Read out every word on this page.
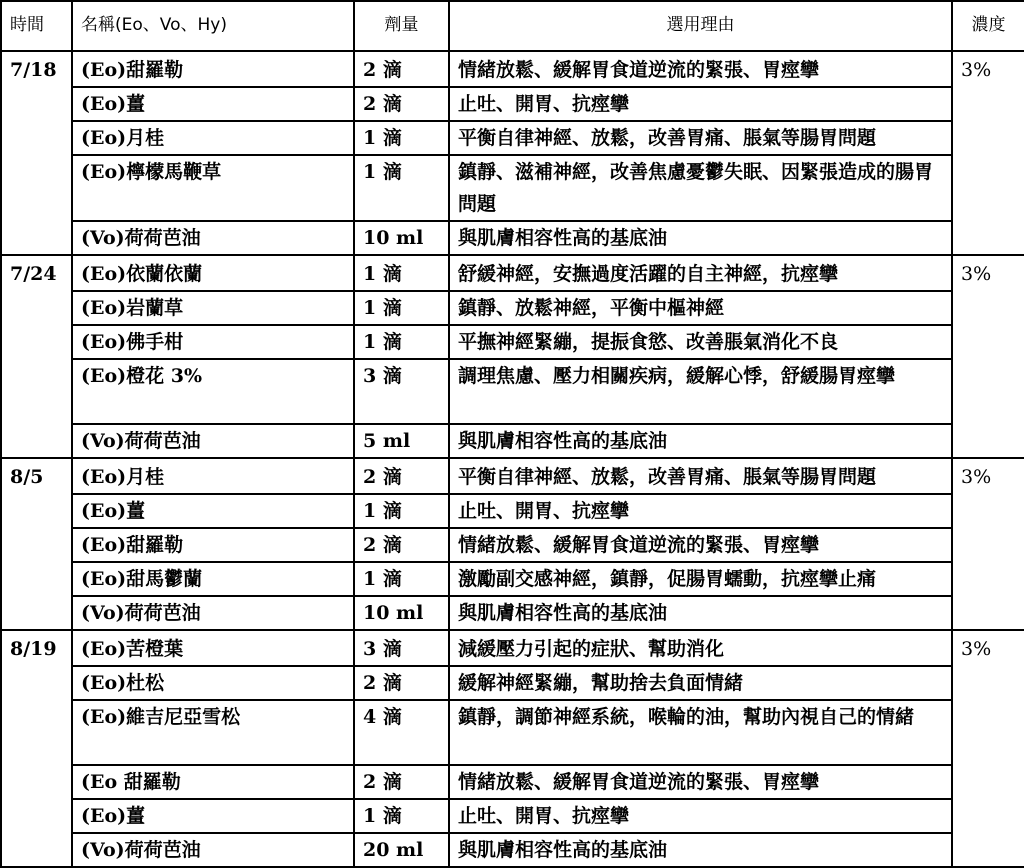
時間	名稱(Eo、Vo、Hy)	劑量	選用理由	濃度
7/18	(Eo)甜羅勒	2 滴	情緒放鬆、緩解胃食道逆流的緊張、胃痙攣	3%
	(Eo)薑	2 滴	止吐、開胃、抗痙攣	
	(Eo)月桂	1 滴	平衡自律神經、放鬆，改善胃痛、脹氣等腸胃問題	
	(Eo)檸檬馬鞭草	1 滴	鎮靜、滋補神經，改善焦慮憂鬱失眠、因緊張造成的腸胃問題	
	(Vo)荷荷芭油	10 ml	與肌膚相容性高的基底油	
7/24	(Eo)依蘭依蘭	1 滴	舒緩神經，安撫過度活躍的自主神經，抗痙攣	3%
	(Eo)岩蘭草	1 滴	鎮靜、放鬆神經，平衡中樞神經	
	(Eo)佛手柑	1 滴	平撫神經緊繃，提振食慾、改善脹氣消化不良	
	(Eo)橙花 3%	3 滴	調理焦慮、壓力相關疾病，緩解心悸，舒緩腸胃痙攣	
	(Vo)荷荷芭油	5 ml	與肌膚相容性高的基底油	
8/5	(Eo)月桂	2 滴	平衡自律神經、放鬆，改善胃痛、脹氣等腸胃問題	3%
	(Eo)薑	1 滴	止吐、開胃、抗痙攣	
	(Eo)甜羅勒	2 滴	情緒放鬆、緩解胃食道逆流的緊張、胃痙攣	
	(Eo)甜馬鬱蘭	1 滴	激勵副交感神經，鎮靜，促腸胃蠕動，抗痙攣止痛	
	(Vo)荷荷芭油	10 ml	與肌膚相容性高的基底油	
8/19	(Eo)苦橙葉	3 滴	減緩壓力引起的症狀、幫助消化	3%
	(Eo)杜松	2 滴	緩解神經緊繃，幫助捨去負面情緒	
	(Eo)維吉尼亞雪松	4 滴	鎮靜，調節神經系統，喉輪的油，幫助內視自己的情緒	
	(Eo 甜羅勒	2 滴	情緒放鬆、緩解胃食道逆流的緊張、胃痙攣	
	(Eo)薑	1 滴	止吐、開胃、抗痙攣	
	(Vo)荷荷芭油	20 ml	與肌膚相容性高的基底油	
